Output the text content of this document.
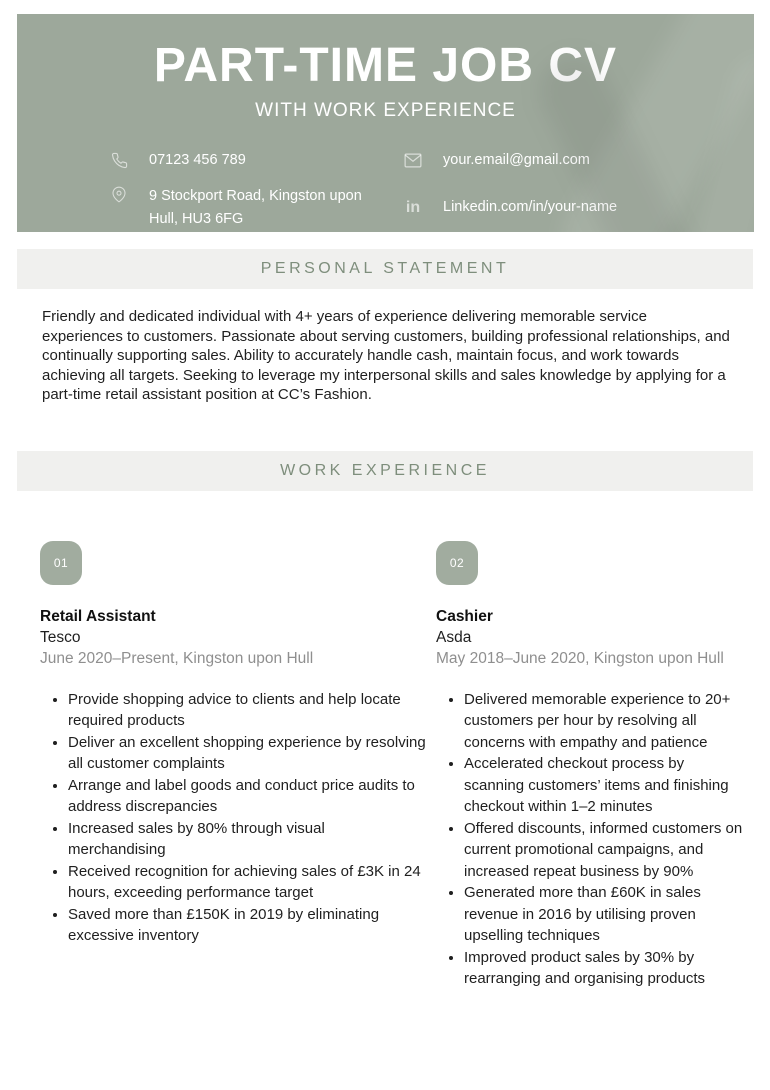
PART-TIME JOB CV
WITH WORK EXPERIENCE
07123 456 789	your.email@gmail.com
9 Stockport Road, Kingston upon Hull, HU3 6FG
in Linkedin.com/in/your-name
PERSONAL STATEMENT

Friendly and dedicated individual with 4+ years of experience delivering memorable service experiences to customers. Passionate about serving customers, building professional relationships, and continually supporting sales. Ability to accurately handle cash, maintain focus, and work towards achieving all targets. Seeking to leverage my interpersonal skills and sales knowledge by applying for a part-time retail assistant position at CC’s Fashion.

WORK EXPERIENCE
01
Retail Assistant
Tesco
June 2020–Present, Kingston upon Hull
• Provide shopping advice to clients and help locate required products
• Deliver an excellent shopping experience by resolving all customer complaints
• Arrange and label goods and conduct price audits to address discrepancies
• Increased sales by 80% through visual merchandising
• Received recognition for achieving sales of £3K in 24 hours, exceeding performance target
• Saved more than £150K in 2019 by eliminating excessive inventory
02
Cashier
Asda
May 2018–June 2020, Kingston upon Hull
• Delivered memorable experience to 20+ customers per hour by resolving all concerns with empathy and patience
• Accelerated checkout process by scanning customers’ items and finishing checkout within 1–2 minutes
• Offered discounts, informed customers on current promotional campaigns, and increased repeat business by 90%
• Generated more than £60K in sales revenue in 2016 by utilising proven upselling techniques
• Improved product sales by 30% by rearranging and organising products
